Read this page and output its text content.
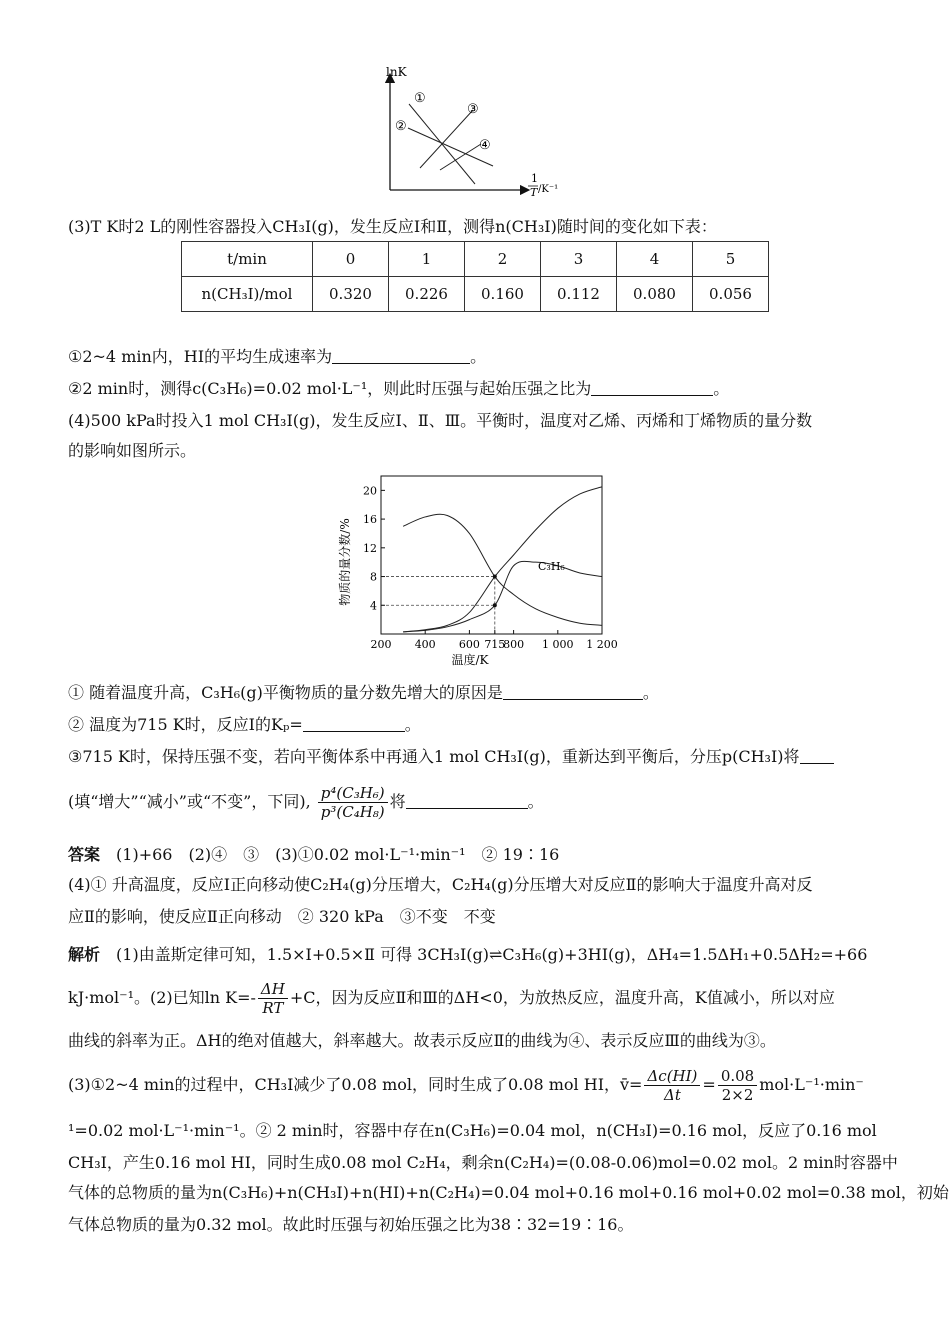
lnK
1
T /K⁻¹
①
②
③
④
(3)T K时2 L的刚性容器投入CH₃I(g)，发生反应Ⅰ和Ⅱ，测得n(CH₃I)随时间的变化如下表：
t/min	0	1	2	3	4	5
n(CH₃I)/mol	0.320	0.226	0.160	0.112	0.080	0.056
①2~4 min内，HI的平均生成速率为	。
②2 min时，测得c(C₃H₆)=0.02 mol·L⁻¹，则此时压强与起始压强之比为	。
(4)500 kPa时投入1 mol CH₃I(g)，发生反应Ⅰ、Ⅱ、Ⅲ。平衡时，温度对乙烯、丙烯和丁烯物质的量分数
的影响如图所示。
4
8
12
16
20
200 400 600 715
800 1 000 1 200
C₃H₆
温度/K
物质的量分数/%
① 随着温度升高，C₃H₆(g)平衡物质的量分数先增大的原因是	。
② 温度为715 K时，反应Ⅰ的Kₚ=	。
③715 K时，保持压强不变，若向平衡体系中再通入1 mol CH₃I(g)，重新达到平衡后，分压p(CH₃I)将
(填“增大”“减小”或“不变”，下同), $\frac{\text{p⁴(C₃H₆)}}{\text{p³(C₄H₈)}}$ 将	。
答案　 (1)+66　(2)④　③　(3)①0.02 mol·L⁻¹·min⁻¹　② 19∶16
(4)① 升高温度，反应Ⅰ正向移动使C₂H₄(g)分压增大，C₂H₄(g)分压增大对反应Ⅱ的影响大于温度升高对反
应Ⅱ的影响，使反应Ⅱ正向移动　② 320 kPa　③不变　不变
解析　 (1)由盖斯定律可知，1.5×Ⅰ+0.5×Ⅱ 可得 3CH₃I(g)⇌C₃H₆(g)+3HI(g)，ΔH₄=1.5ΔH₁+0.5ΔH₂=+66
kJ·mol⁻¹。(2)已知$\ln K=- \frac{\Delta H}{RT} +C$，因为反应Ⅱ和Ⅲ的ΔH<0，为放热反应，温度升高，K值减小，所以对应
曲线的斜率为正。ΔH的绝对值越大，斜率越大。故表示反应Ⅱ的曲线为④、表示反应Ⅲ的曲线为③。
(3)①2~4 min的过程中，CH₃I减少了0.08 mol，同时生成了0.08 mol HI，v̄= $\frac{\Delta c(HI)}{\Delta t} = \frac{0.08}{2\times 2} mol\cdot L^{-1}\cdot\min^-$
¹=0.02 mol·L⁻¹·min⁻¹。② 2 min时，容器中存在n(C₃H₆)=0.04 mol，n(CH₃I)=0.16 mol，反应了0.16 mol
CH₃I，产生0.16 mol HI，同时生成0.08 mol C₂H₄，剩余n(C₂H₄)=(0.08-0.06)mol=0.02 mol。2 min时容器中
气体的总物质的量为n(C₃H₆)+n(CH₃I)+n(HI)+n(C₂H₄)=0.04 mol+0.16 mol+0.16 mol+0.02 mol=0.38 mol，初始
气体总物质的量为0.32 mol。故此时压强与初始压强之比为38∶32=19∶16。
